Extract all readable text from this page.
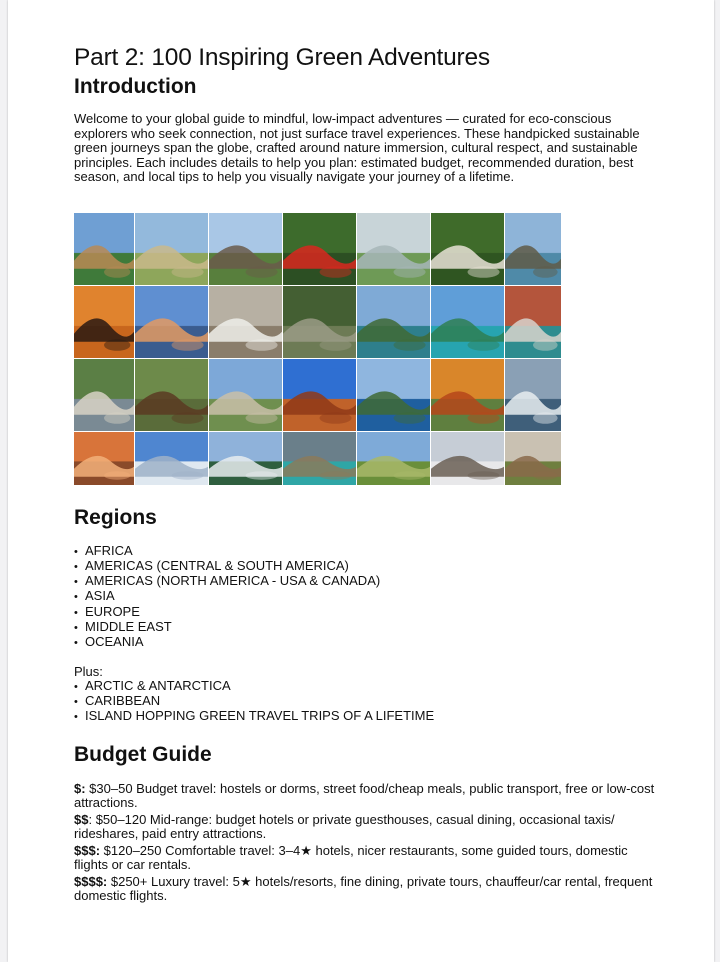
Part 2: 100 Inspiring Green Adventures
Introduction

Welcome to your global guide to mindful, low-impact adventures — curated for eco-conscious explorers who seek connection, not just surface travel experiences. These handpicked sustainable green journeys span the globe, crafted around nature immersion, cultural respect, and sustainable principles. Each includes details to help you plan: estimated budget, recommended duration, best season, and local tips to help you visually navigate your journey of a lifetime.

Regions
• AFRICA
• AMERICAS (CENTRAL & SOUTH AMERICA)
• AMERICAS (NORTH AMERICA - USA & CANADA)
• ASIA
• EUROPE
• MIDDLE EAST
• OCEANIA
Plus:
• ARCTIC & ANTARCTICA
• CARIBBEAN
• ISLAND HOPPING GREEN TRAVEL TRIPS OF A LIFETIME
Budget Guide
$: $30–50 Budget travel: hostels or dorms, street food/cheap meals, public transport, free or low-cost attractions.
$$: $50–120 Mid-range: budget hotels or private guesthouses, casual dining, occasional taxis/ rideshares, paid entry attractions.
$$$: $120–250 Comfortable travel: 3–4★ hotels, nicer restaurants, some guided tours, domestic flights or car rentals.
$$$$: $250+ Luxury travel: 5★ hotels/resorts, fine dining, private tours, chauffeur/car rental, frequent domestic flights.
